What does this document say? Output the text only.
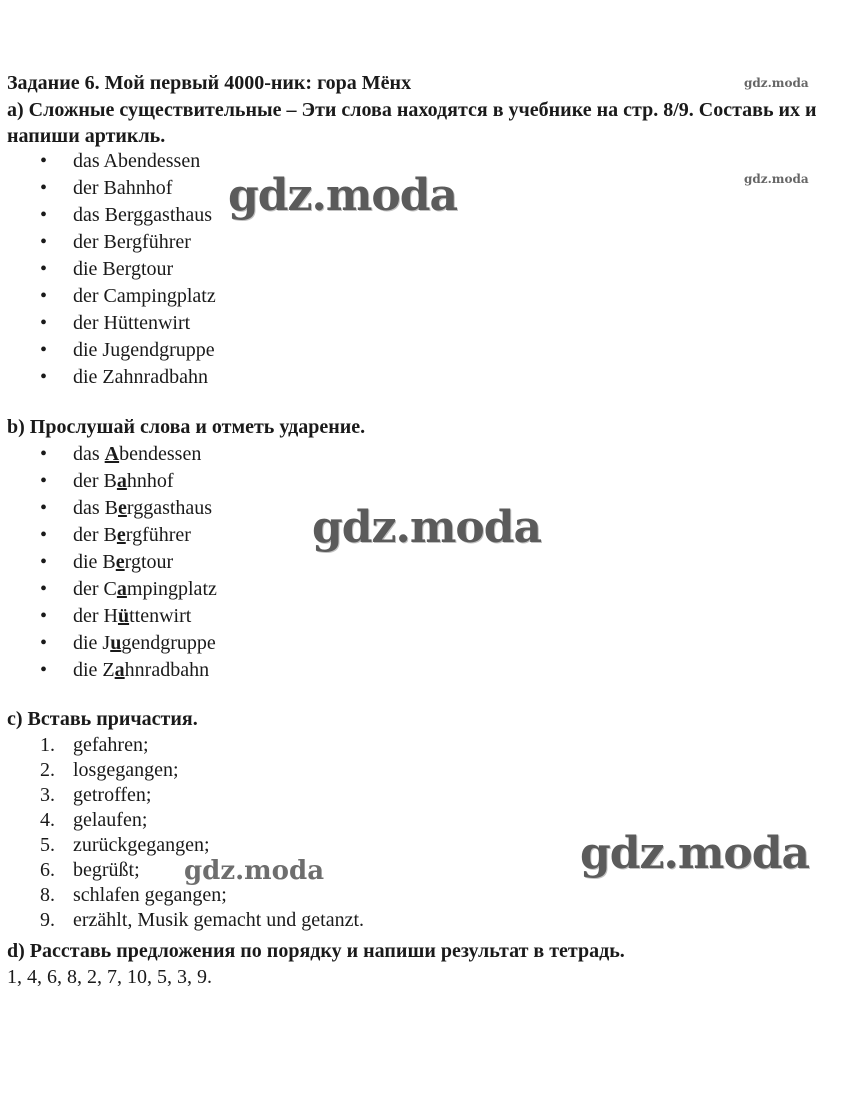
Задание 6. Мой первый 4000-ник: гора Мёнх
a) Сложные существительные – Эти слова находятся в учебнике на стр. 8/9. Составь их и напиши артикль.
• das Abendessen
• der Bahnhof
• das Berggasthaus
• der Bergführer
• die Bergtour
• der Campingplatz
• der Hüttenwirt
• die Jugendgruppe
• die Zahnradbahn
b) Прослушай слова и отметь ударение.
• das Abendessen
• der Bahnhof
• das Berggasthaus
• der Bergführer
• die Bergtour
• der Campingplatz
• der Hüttenwirt
• die Jugendgruppe
• die Zahnradbahn
c) Вставь причастия.
1. gefahren;
2. losgegangen;
3. getroffen;
4. gelaufen;
5. zurückgegangen;
6. begrüßt;
8. schlafen gegangen;
9. erzählt, Musik gemacht und getanzt.
d) Расставь предложения по порядку и напиши результат в тетрадь.
1, 4, 6, 8, 2, 7, 10, 5, 3, 9.
gdz.moda
gdz.moda
gdz.moda
gdz.moda
gdz.moda
gdz.moda
